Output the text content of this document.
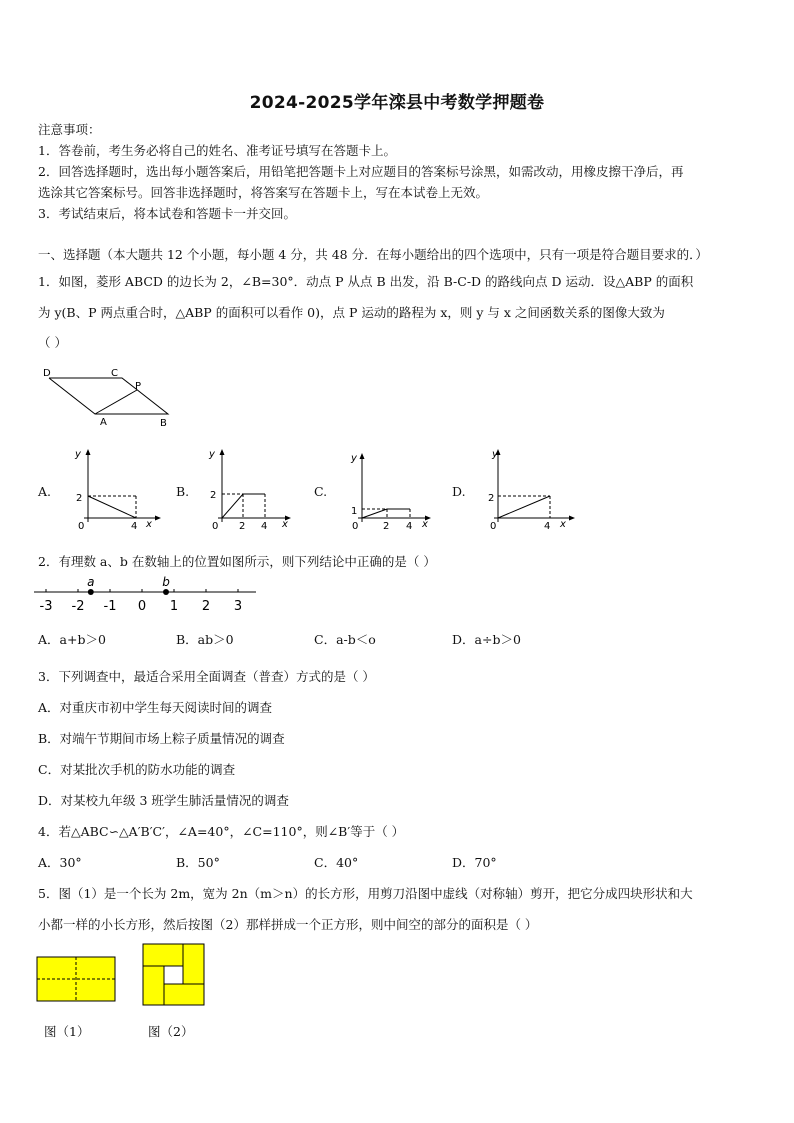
2024-2025学年滦县中考数学押题卷
注意事项：
1．答卷前，考生务必将自己的姓名、准考证号填写在答题卡上。
2．回答选择题时，选出每小题答案后，用铅笔把答题卡上对应题目的答案标号涂黑，如需改动，用橡皮擦干净后，再
选涂其它答案标号。回答非选择题时，将答案写在答题卡上，写在本试卷上无效。
3．考试结束后，将本试卷和答题卡一并交回。
一、选择题（本大题共 12 个小题，每小题 4 分，共 48 分．在每小题给出的四个选项中，只有一项是符合题目要求的．）
1．如图，菱形 ABCD 的边长为 2，∠B=30°．动点 P 从点 B 出发，沿 B-C-D 的路线向点 D 运动．设△ABP 的面积
为 y(B、P 两点重合时，△ABP 的面积可以看作 0)，点 P 运动的路程为 x，则 y 与 x 之间函数关系的图像大致为
（ ）
D	C
P
A	B
A.
y
x
2
0	4
B.
y
x
2
0 2 4
C.
y
x
1
0 2 4
D.
y
x
2
0	4
2．有理数 a、b 在数轴上的位置如图所示，则下列结论中正确的是（ ）
-3 -2 -1 0 1 2 3
a	b
A．a+b＞0	B．ab＞0	C．a-b＜o	D．a÷b＞0
3．下列调查中，最适合采用全面调查（普查）方式的是（ ）
A．对重庆市初中学生每天阅读时间的调查
B．对端午节期间市场上粽子质量情况的调查
C．对某批次手机的防水功能的调查
D．对某校九年级 3 班学生肺活量情况的调查
4．若△ABC∽△A′B′C′，∠A=40°，∠C=110°，则∠B′等于（ ）
A．30°	B．50°	C．40°	D．70°
5．图（1）是一个长为 2m，宽为 2n（m＞n）的长方形，用剪刀沿图中虚线（对称轴）剪开，把它分成四块形状和大
小都一样的小长方形，然后按图（2）那样拼成一个正方形，则中间空的部分的面积是（ ）
图（1）	图（2）
